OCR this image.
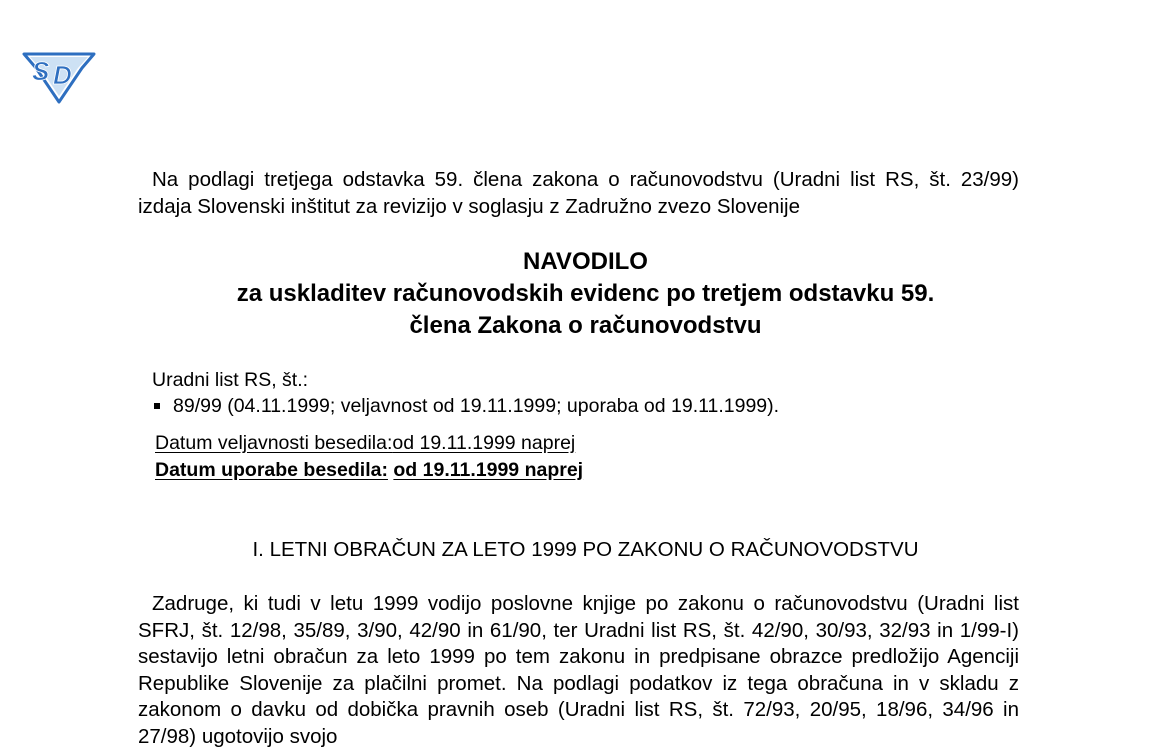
S D

Na podlagi tretjega odstavka 59. člena zakona o računovodstvu (Uradni list RS, št. 23/99) izdaja Slovenski inštitut za revizijo v soglasju z Zadružno zvezo Slovenije

NAVODILO
za uskladitev računovodskih evidenc po tretjem odstavku 59.
člena Zakona o računovodstvu
Uradni list RS, št.:
89/99 (04.11.1999; veljavnost od 19.11.1999; uporaba od 19.11.1999).
Datum veljavnosti besedila:od 19.11.1999 naprej
Datum uporabe besedila: od 19.11.1999 naprej
I. LETNI OBRAČUN ZA LETO 1999 PO ZAKONU O RAČUNOVODSTVU

Zadruge, ki tudi v letu 1999 vodijo poslovne knjige po zakonu o računovodstvu (Uradni list SFRJ, št. 12/98, 35/89, 3/90, 42/90 in 61/90, ter Uradni list RS, št. 42/90, 30/93, 32/93 in 1/99-I) sestavijo letni obračun za leto 1999 po tem zakonu in predpisane obrazce predložijo Agenciji Republike Slovenije za plačilni promet. Na podlagi podatkov iz tega obračuna in v skladu z zakonom o davku od dobička pravnih oseb (Uradni list RS, št. 72/93, 20/95, 18/96, 34/96 in 27/98) ugotovijo svojo
